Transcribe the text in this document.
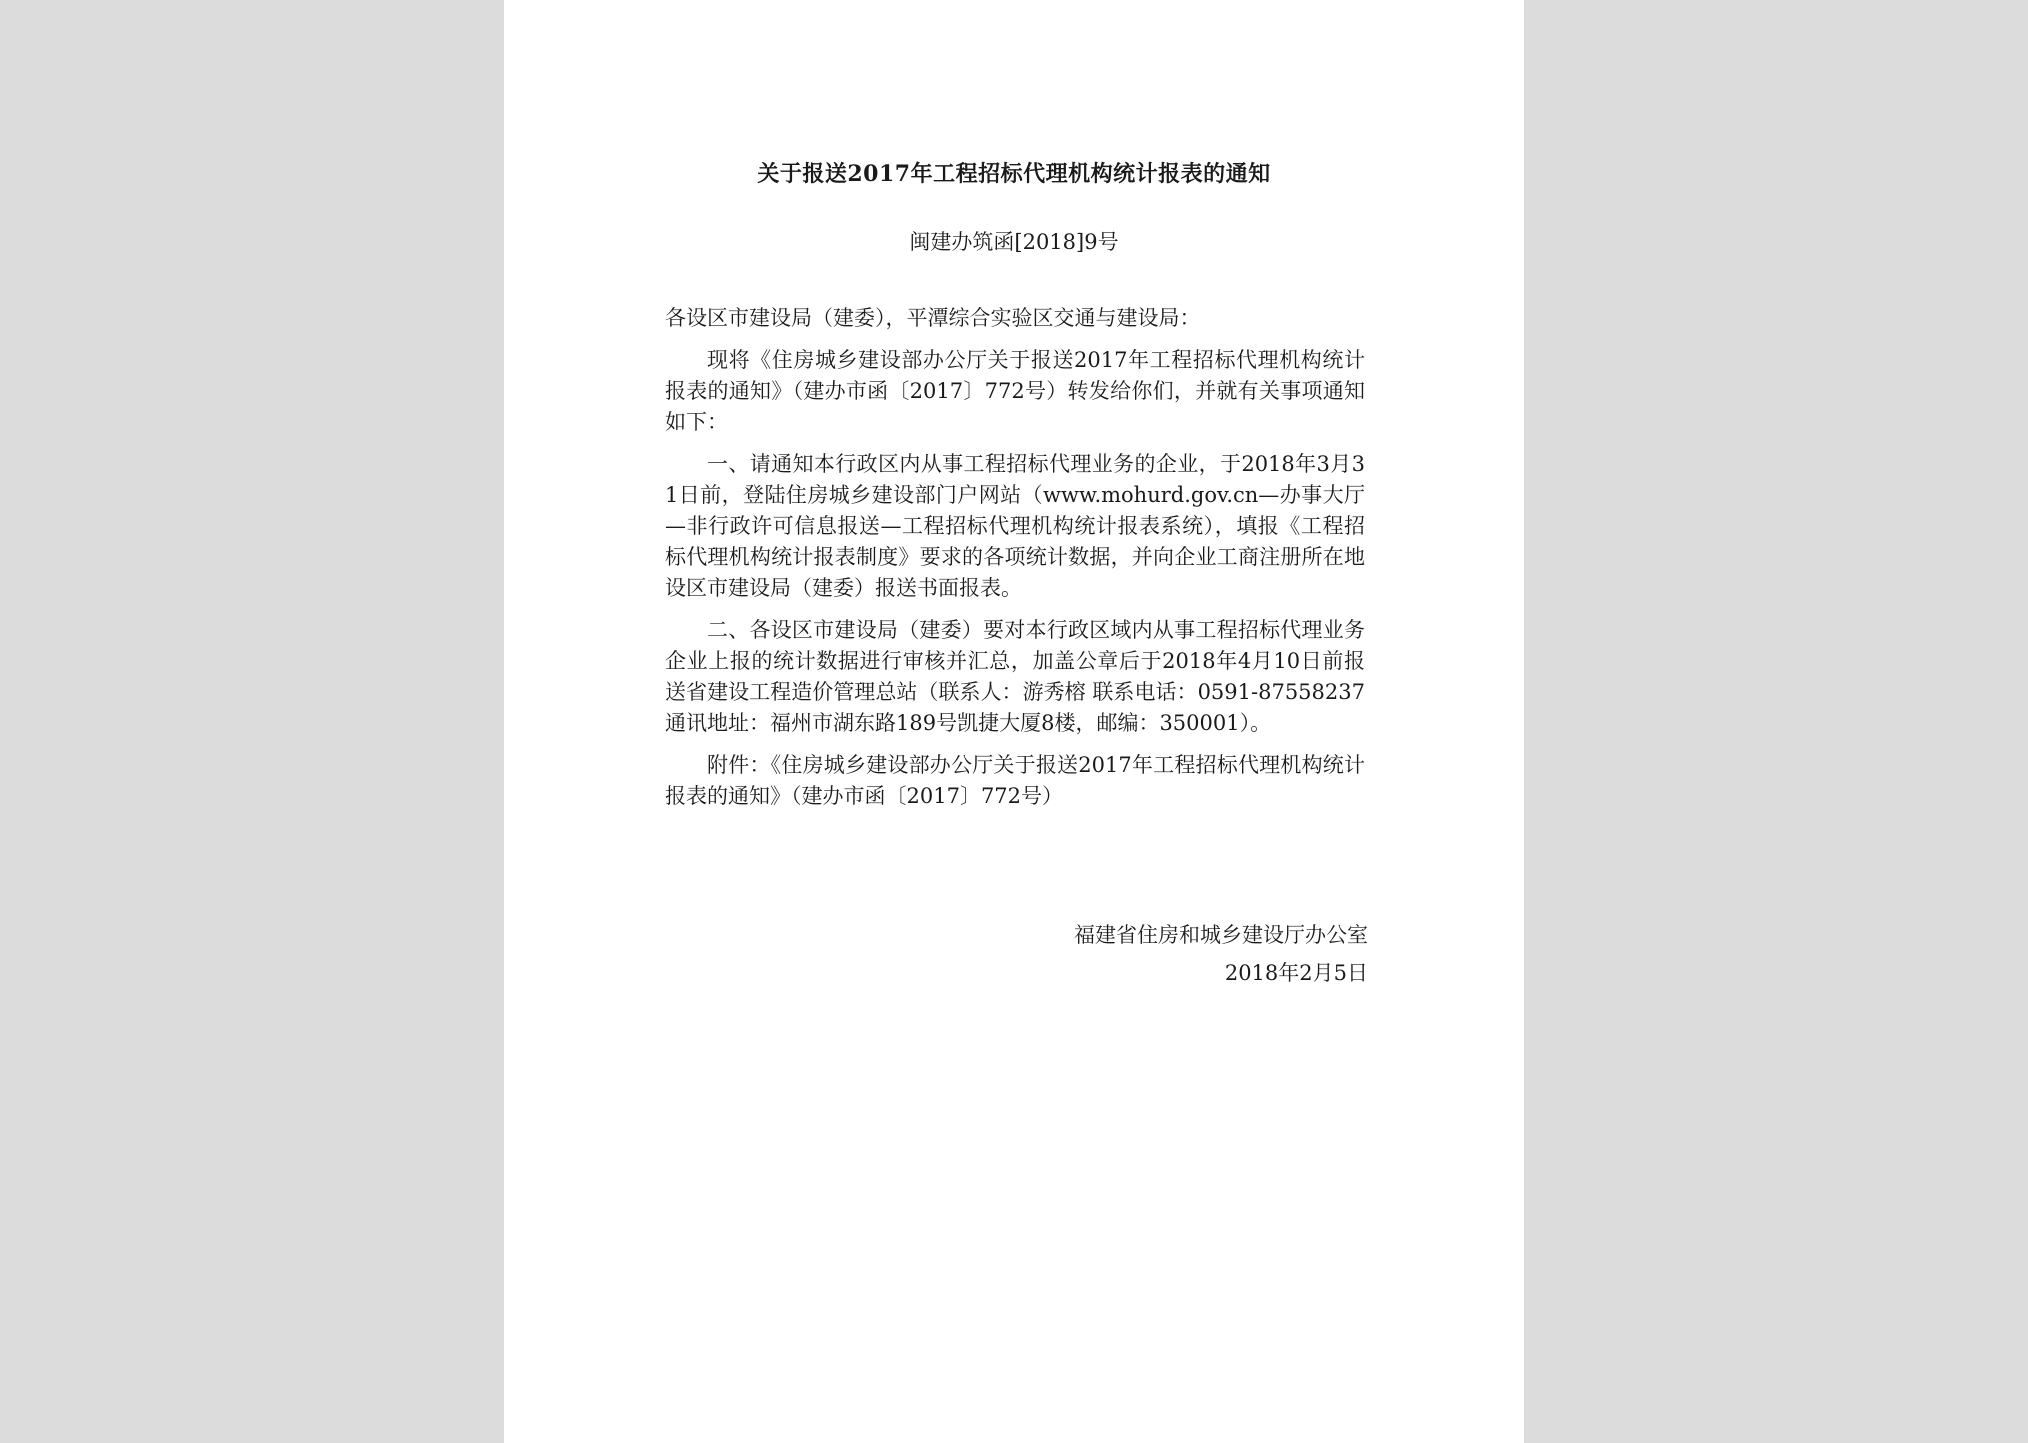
关于报送2017年工程招标代理机构统计报表的通知
闽建办筑函[2018]9号

各设区市建设局（建委），平潭综合实验区交通与建设局：

现将《住房城乡建设部办公厅关于报送2017年工程招标代理机构统计报表的通知》（建办市函〔2017〕772号）转发给你们，并就有关事项通知如下：

一、请通知本行政区内从事工程招标代理业务的企业，于2018年3月31日前，登陆住房城乡建设部门户网站（www.mohurd.gov.cn—办事大厅—非行政许可信息报送—工程招标代理机构统计报表系统），填报《工程招标代理机构统计报表制度》要求的各项统计数据，并向企业工商注册所在地设区市建设局（建委）报送书面报表。

二、各设区市建设局（建委）要对本行政区域内从事工程招标代理业务企业上报的统计数据进行审核并汇总，加盖公章后于2018年4月10日前报送省建设工程造价管理总站（联系人：游秀榕 联系电话：0591-87558237 通讯地址：福州市湖东路189号凯捷大厦8楼，邮编：350001）。

附件：《住房城乡建设部办公厅关于报送2017年工程招标代理机构统计报表的通知》（建办市函〔2017〕772号）

福建省住房和城乡建设厅办公室
2018年2月5日
